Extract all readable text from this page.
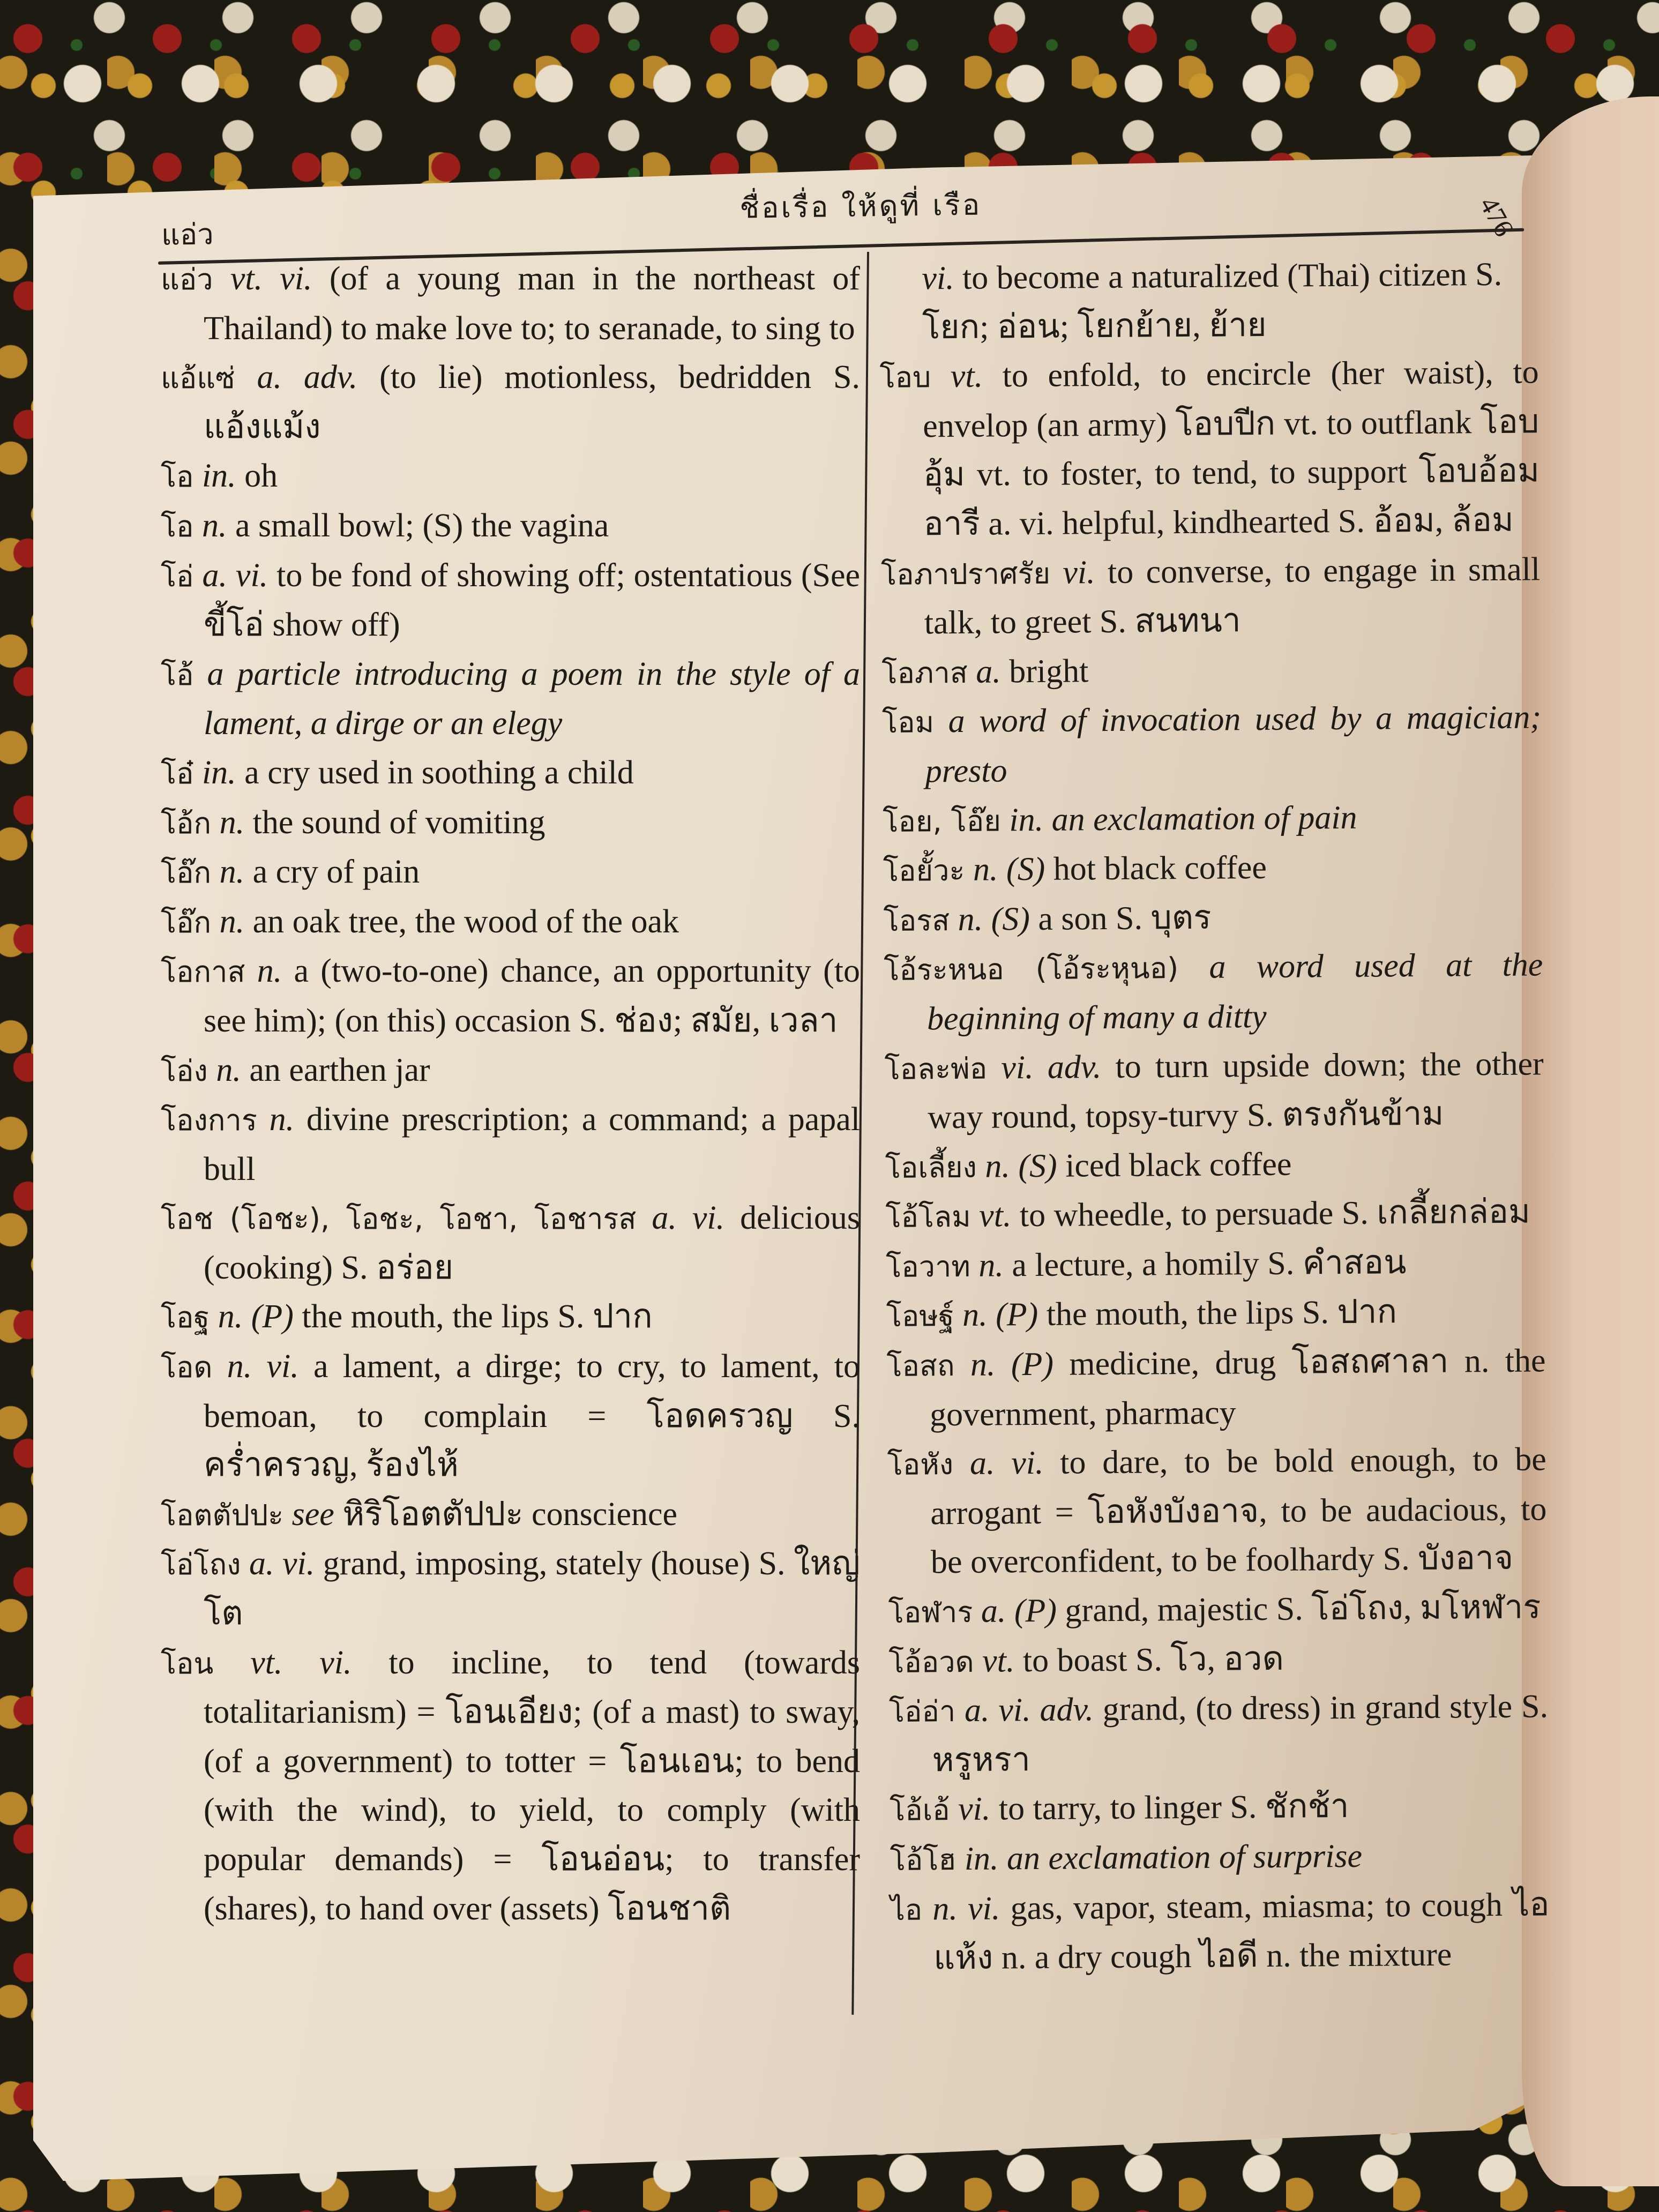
แอ่ว
ชื่อเรื่อ ให้ดูที่ เรือ	476
แอ่ว vt. vi. (of a young man in the northeast of Thailand) to make love to; to seranade, to sing to
แอ้แซ่ a. adv. (to lie) motionless, bedridden S. แอ้งแม้ง
โอ in. oh
โอ n. a small bowl; (S) the vagina
โอ่ a. vi. to be fond of showing off; ostentatious (See ขี้โอ่ show off)
โอ้ a particle introducing a poem in the style of a lament, a dirge or an elegy
โอ๋ in. a cry used in soothing a child
โอ้ก n. the sound of vomiting
โอ๊ก n. a cry of pain
โอ๊ก n. an oak tree, the wood of the oak
โอกาส n. a (two-to-one) chance, an opportunity (to see him); (on this) occasion S. ช่อง; สมัย, เวลา
โอ่ง n. an earthen jar
โองการ n. divine prescription; a command; a papal bull
โอช (โอชะ), โอชะ, โอชา, โอชารส a. vi. delicious (cooking) S. อร่อย
โอฐ n. (P) the mouth, the lips S. ปาก
โอด n. vi. a lament, a dirge; to cry, to lament, to bemoan, to complain = โอดครวญ S. คร่ำครวญ, ร้องไห้
โอตตัปปะ see หิริโอตตัปปะ conscience
โอ่โถง a. vi. grand, imposing, stately (house) S. ใหญ่โต
โอน vt. vi. to incline, to tend (towards totalitarianism) = โอนเอียง; (of a mast) to sway, (of a government) to totter = โอนเอน; to bend (with the wind), to yield, to comply (with popular demands) = โอนอ่อน; to transfer (shares), to hand over (assets) โอนชาติ
vi. to become a naturalized (Thai) citizen S. โยก; อ่อน; โยกย้าย, ย้าย
โอบ vt. to enfold, to encircle (her waist), to envelop (an army) โอบปีก vt. to outflank โอบอุ้ม vt. to foster, to tend, to support โอบอ้อมอารี a. vi. helpful, kindhearted S. อ้อม, ล้อม
โอภาปราศรัย vi. to converse, to engage in small talk, to greet S. สนทนา
โอภาส a. bright
โอม a word of invocation used by a magician; presto
โอย, โอ๊ย in. an exclamation of pain
โอยั้วะ n. (S) hot black coffee
โอรส n. (S) a son S. บุตร
โอ้ระหนอ (โอ้ระหุนอ) a word used at the beginning of many a ditty
โอละพ่อ vi. adv. to turn upside down; the other way round, topsy-turvy S. ตรงกันข้าม
โอเลี้ยง n. (S) iced black coffee
โอ้โลม vt. to wheedle, to persuade S. เกลี้ยกล่อม
โอวาท n. a lecture, a homily S. คำสอน
โอษฐ์ n. (P) the mouth, the lips S. ปาก
โอสถ n. (P) medicine, drug โอสถศาลา n. the government, pharmacy
โอหัง a. vi. to dare, to be bold enough, to be arrogant = โอหังบังอาจ, to be audacious, to be overconfident, to be foolhardy S. บังอาจ
โอฬาร a. (P) grand, majestic S. โอ่โถง, มโหฬาร
โอ้อวด vt. to boast S. โว, อวด
โอ่อ่า a. vi. adv. grand, (to dress) in grand style S. หรูหรา
โอ้เอ้ vi. to tarry, to linger S. ชักช้า
โอ้โฮ in. an exclamation of surprise
ไอ n. vi. gas, vapor, steam, miasma; to cough ไอแห้ง n. a dry cough ไอดี n. the mixture
